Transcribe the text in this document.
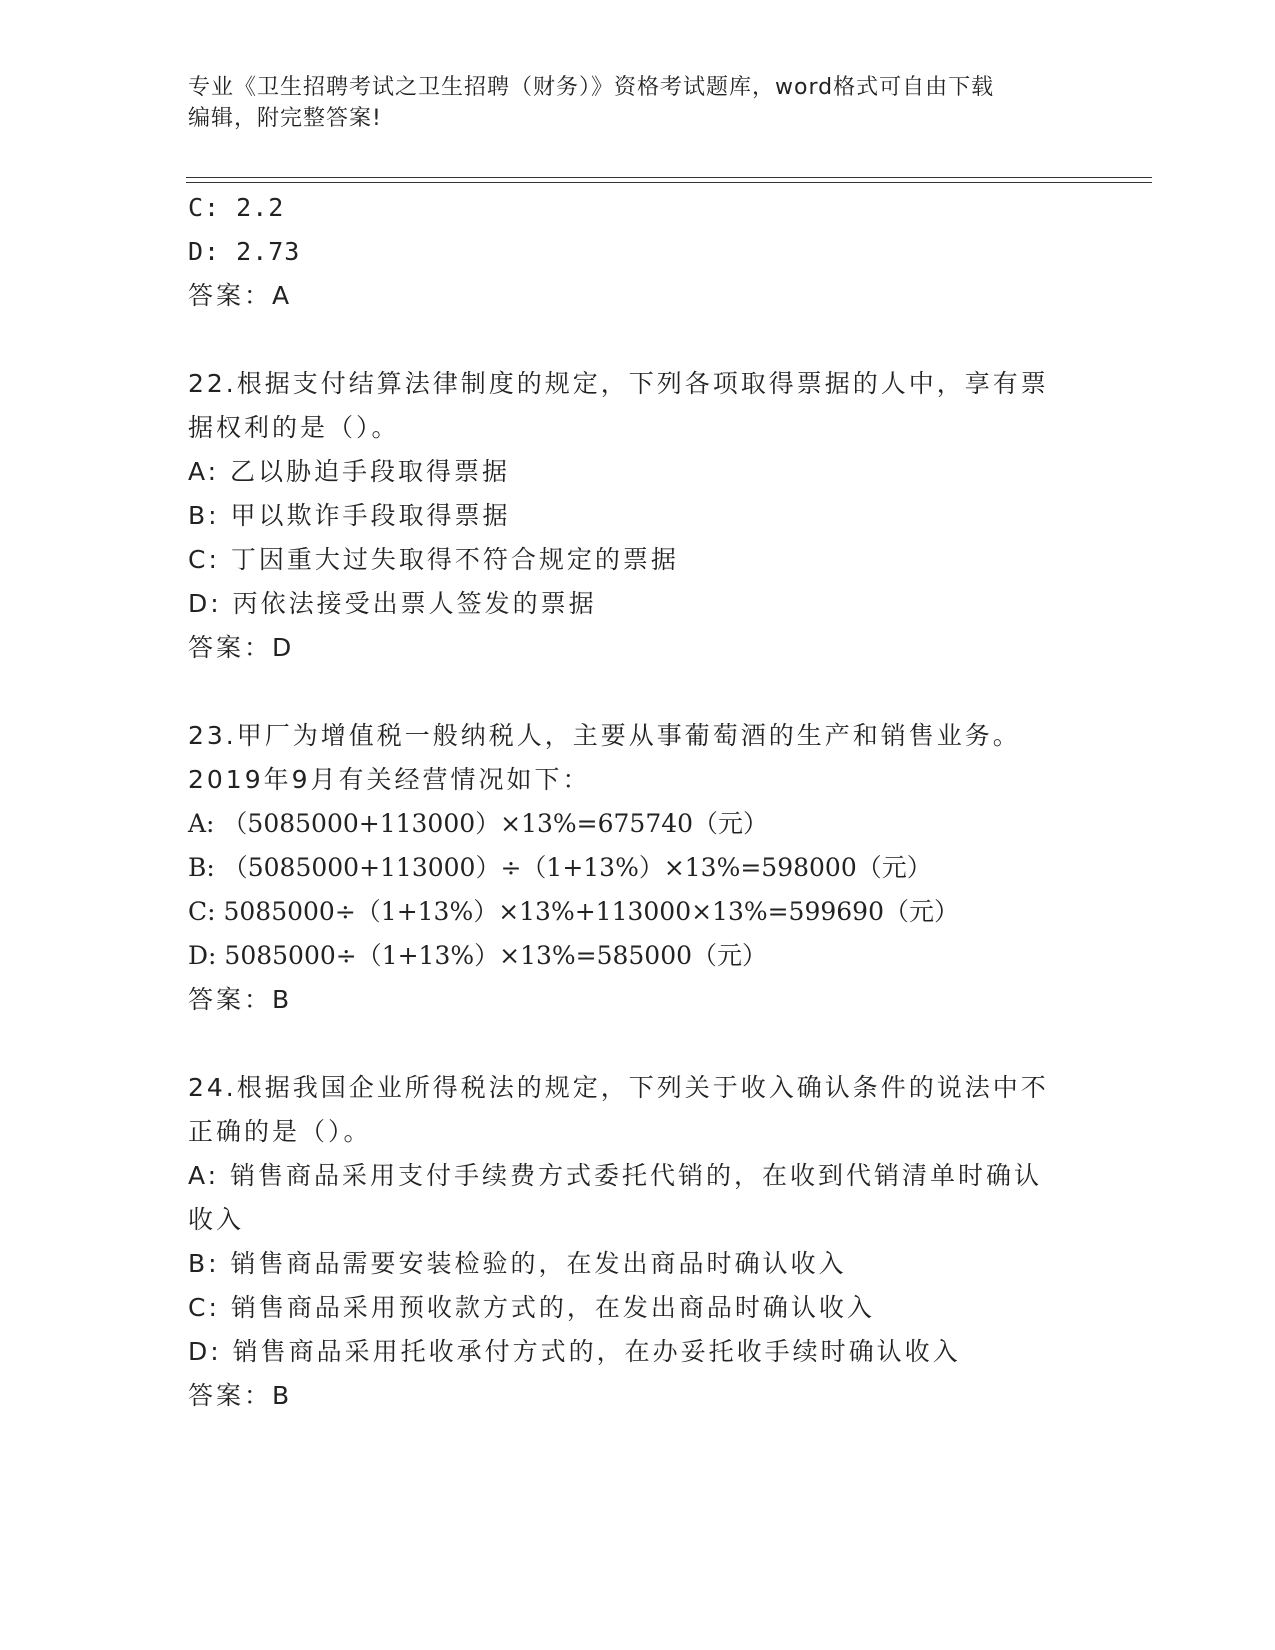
专业《卫生招聘考试之卫生招聘（财务）》资格考试题库，word格式可自由下载
编辑，附完整答案!
C: 2.2
D: 2.73
答案：A
22.根据支付结算法律制度的规定，下列各项取得票据的人中，享有票
据权利的是（）。
A: 乙以胁迫手段取得票据
B: 甲以欺诈手段取得票据
C: 丁因重大过失取得不符合规定的票据
D: 丙依法接受出票人签发的票据
答案：D
23.甲厂为增值税一般纳税人，主要从事葡萄酒的生产和销售业务。
2019年9月有关经营情况如下：
A: （5085000+113000）×13%=675740（元）
B: （5085000+113000）÷（1+13%）×13%=598000（元）
C: 5085000÷（1+13%）×13%+113000×13%=599690（元）
D: 5085000÷（1+13%）×13%=585000（元）
答案：B
24.根据我国企业所得税法的规定，下列关于收入确认条件的说法中不
正确的是（）。
A: 销售商品采用支付手续费方式委托代销的，在收到代销清单时确认
收入
B: 销售商品需要安装检验的，在发出商品时确认收入
C: 销售商品采用预收款方式的，在发出商品时确认收入
D: 销售商品采用托收承付方式的，在办妥托收手续时确认收入
答案：B
